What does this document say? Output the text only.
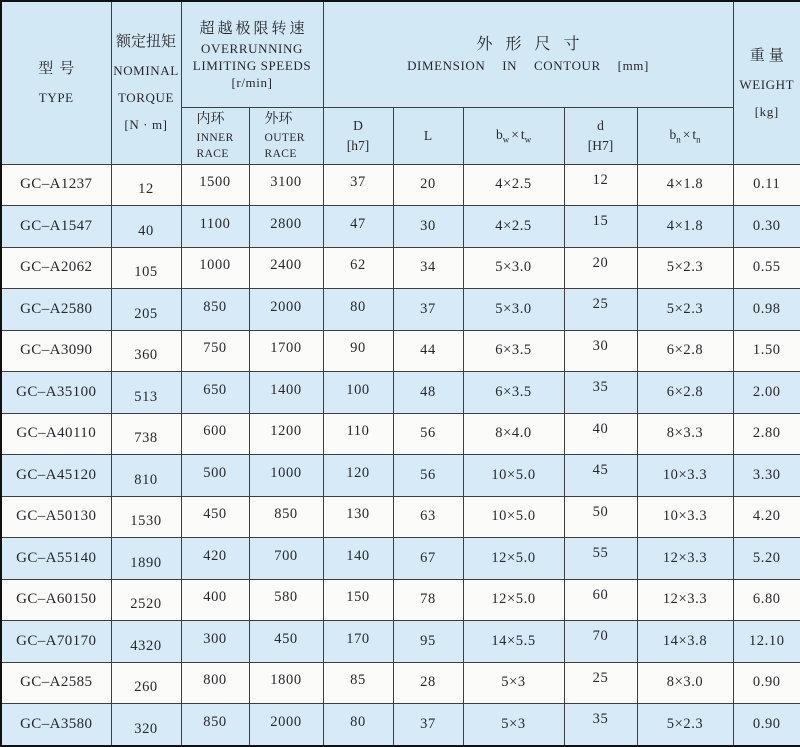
型号
TYPE

额定扭矩
NOMINAL
TORQUE
[N · m]

超越极限转速
OVERRUNNING
LIMITING SPEEDS
[r/min]

外形尺寸
DIMENSION IN CONTOUR [mm]

重量
WEIGHT
[kg]

内环
INNER
RACE

外环
OUTER
RACE

D
[h7]

L	$b_w \times t_w$	
d
[H7]
	$b_n \times t_n$
GC–A1237	12	1500	3100	37	20	4×2.5	12	4×1.8	0.11
GC–A1547	40	1100	2800	47	30	4×2.5	15	4×1.8	0.30
GC–A2062	105	1000	2400	62	34	5×3.0	20	5×2.3	0.55
GC–A2580	205	850	2000	80	37	5×3.0	25	5×2.3	0.98
GC–A3090	360	750	1700	90	44	6×3.5	30	6×2.8	1.50
GC–A35100	513	650	1400	100	48	6×3.5	35	6×2.8	2.00
GC–A40110	738	600	1200	110	56	8×4.0	40	8×3.3	2.80
GC–A45120	810	500	1000	120	56	10×5.0	45	10×3.3	3.30
GC–A50130	1530	450	850	130	63	10×5.0	50	10×3.3	4.20
GC–A55140	1890	420	700	140	67	12×5.0	55	12×3.3	5.20
GC–A60150	2520	400	580	150	78	12×5.0	60	12×3.3	6.80
GC–A70170	4320	300	450	170	95	14×5.5	70	14×3.8	12.10
GC–A2585	260	800	1800	85	28	5×3	25	8×3.0	0.90
GC–A3580	320	850	2000	80	37	5×3	35	5×2.3	0.90
